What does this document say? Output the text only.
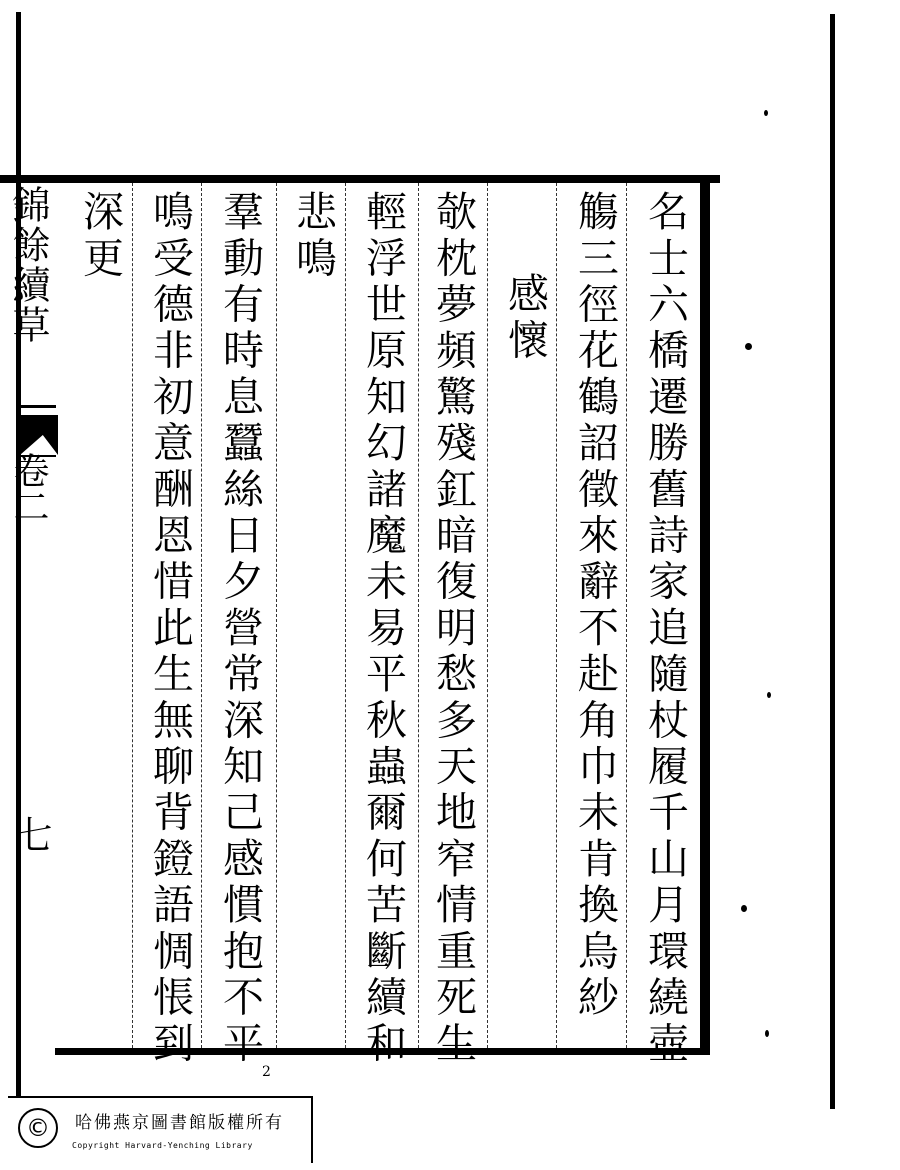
名士六橋遷勝舊詩家追隨杖履千山月環繞壺
觴三徑花鶴詔徵來辭不赴角巾未肯換烏紗
感懷
欹枕夢頻驚殘釭暗復明愁多天地窄情重死生
輕浮世原知幻諸魔未易平秋蟲爾何苦斷續和
悲鳴
羣動有時息蠶絲日夕營常深知己感慣抱不平
鳴受德非初意酬恩惜此生無聊背鐙語惆悵到
深更
錦餘續草
卷二
七
2
©	哈佛燕京圖書館版權所有
Copyright Harvard-Yenching Library
